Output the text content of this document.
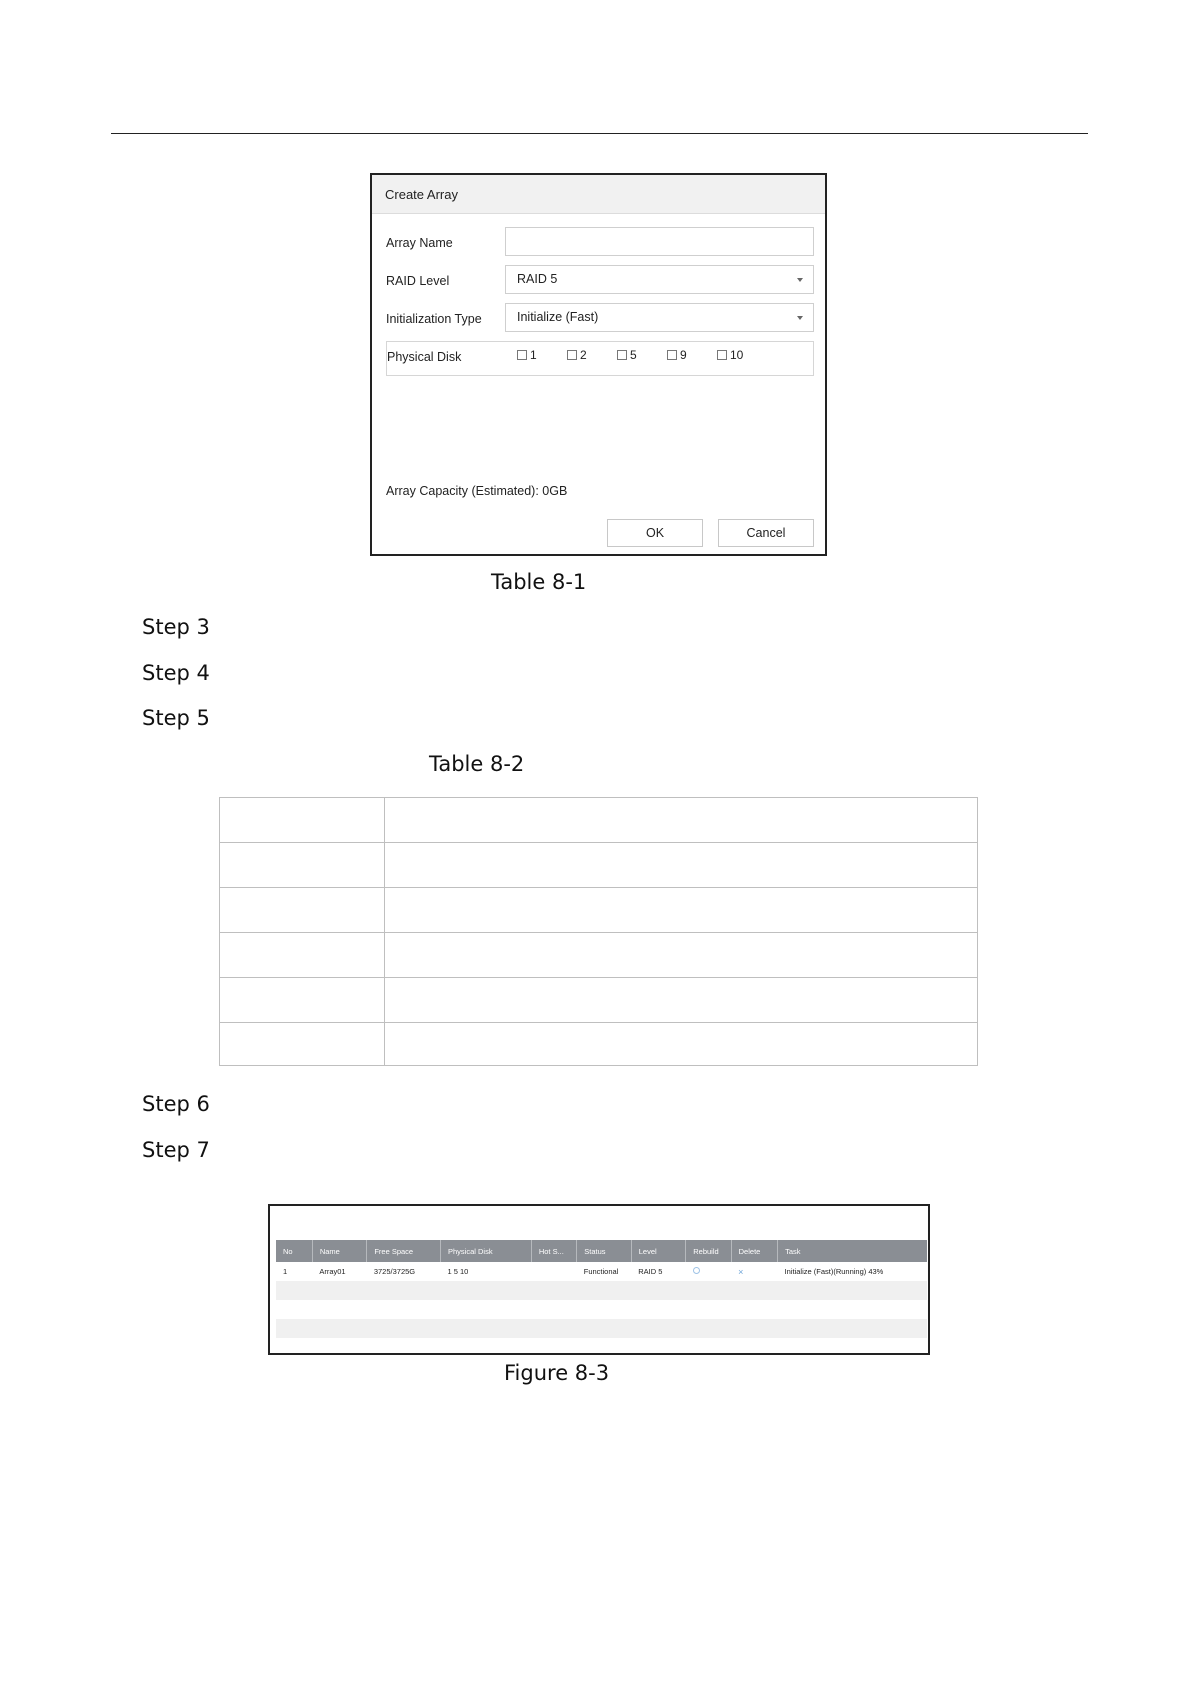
Create Array
Array Name
RAID Level	RAID 5
Initialization Type	Initialize (Fast)
Physical Disk	1	2	5	9	10
Array Capacity (Estimated): 0GB
OK	Cancel
Table 8-1
Step 3
Step 4
Step 5
Table 8-2
Step 6
Step 7
No	Name	Free Space	Physical Disk	Hot S...	Status	Level	Rebuild	Delete	Task
1	Array01	3725/3725G	1 5 10		Functional	RAID 5		×	Initialize (Fast)(Running) 43%

Figure 8-3
